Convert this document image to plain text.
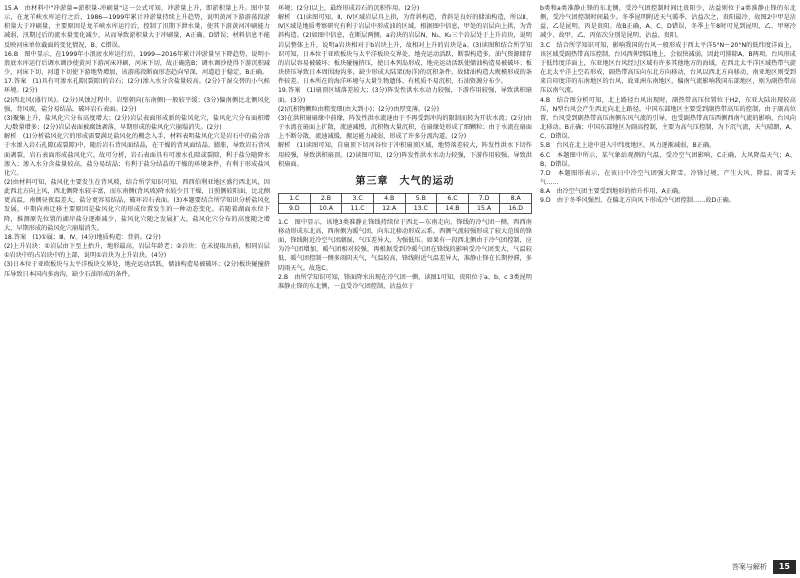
15.A　由材料中"冲淤量=淤积量-冲刷量"这一公式可知，冲淤量上升，即淤积量上升。图中显示，在龙羊峡水库运行之后，1986—1999年累计冲淤量持续上升趋势，说明黄河下游游荡段淤积量大于冲刷量，主要原因是龙羊峡水库运行后，控制了汛期下泄水量，使其下游黄河冲刷能力减弱，汛期过后的流水量变化减少，从而导致淤积量大于冲刷量，A正确、D错误；材料信息不能反映河床单位截面的变化情况，B、C错误。

16.B　图中显示，在1999年小浪底水库运行后，1999—2016年累计冲淤量呈下降趋势，说明小浪底水库运行后调水调沙使黄河下游河床冲刷，河床下切，故正确选B；调水调沙使得下游沉积减少，河床下切，河道下切使下游地势增加，该游荡段断面形态趋向窄深，河道趋于稳定，B正确。

17.答案　(1)具有可渗水孔隙(裂隙)的岩石；(2分)渗入水分含盐量较高。(2分)干湿交替的小气候环境。(2分)

(2)西北风(盛行风)。(2分)风蚀过程中，岩壁朝向(东南侧)一般较平缓；(3分)偏南侧比北侧风化强，背风坡，盐分易结晶，破坏岩石表面。(2分)

(3)聚集上升，盐风化穴分布高度增大；(2分)岩层表面形成新的盐风化穴，盐风化穴分布面积增大/数量增多；(2分)岩层表面被腐蚀剥落，早期形成的盐风化穴崩塌消失。(2分)

解析　(1)分析盐风化穴的形成需要满足盐风化的概念入手，材料表明盐风化穴是岩石中的盐分溶于水渗入岩石孔隙(或裂隙)中，随后岩石背风面结晶，在干燥的背风面结晶、膨胀，导致岩石背风面剥裂，岩石表面形成盐风化穴。故可分析，岩石表面具有可渗水孔隙或裂隙，利于盐分随降水渗入；渗入水分含盐量较高，盐分易结晶；有利于盐分结晶的干燥的环境条件，有利于形成盐风化穴。

(2)由材料可知，盐风化主要发生在背风坡，结合所学知识可知，西西伯利亚地区盛行西北风，因此西北方向上风，西北侧降水较丰富，而东南侧(背风坡)降水较少且干燥，日照侧较阳面，比北侧更高温，南侧昼夜温差大，盐分更容易结晶，破坏岩石表面。(3)本题要结合所学知识分析盐风化发展，中期向南迁移主要原因是盐风化穴的形成位置发生的一种动态变化。若随着湖面水位下降，推测原先位置的湖岸盐分逐渐减少，盐风化穴随之发展扩大，盐风化穴分布的高度随之增大，早期形成的盐风化穴崩塌消失。

18.答案　(1)①属；Ⅲ、Ⅳ。(4分)地质构造：背斜。(2分)

(2)上升岩块：①岩层由下至上抬升，地形最高，岩层年龄老；②岩块：在未提取出前，相同岩层①岩块中的占岩块中的上部，说明①岩块为上升岩块。(4分)

(3)日本位于亚欧板块与太平洋板块交界处，地壳运动活跃，储油构造易被破坏；(2分)板块碰撞挤压导致日本国内多海沟，缺少石油形成的条件。

环境；(2分)以上，最终形成岩石的沉积作用。(2分)

解析　(1)读图可知，Ⅱ、Ⅳ区域岩层具上拱，为背斜构造，背斜是良好的储油构造，所以Ⅱ、Ⅳ区域是地质考察研究有利于岩层中形成油的区域。根据图中信息，甲处的岩层向上拱，为背斜构造。(2)如图中信息，在断层两侧，a岩块的岩层N、N₂、K₂三个岩层处于上升岩块，说明岩层整体上升，说明a岩块相对于b岩块上升，故相对上升的岩块是a。(3)读图和结合所学知识可知，日本位于亚欧板块与太平洋板块交界处，地壳运动活跃，断裂构造多，油气资源储存的岩层容易被破坏；板块碰撞挤压，使日本列岛形成，地壳运动活跃使储油构造易被破坏；板块挤压导致日本周围海沟多，缺少形成大陆架(海洋)的沉积条件，故储油构造大规模形成的条件较差。日本所在的海洋环境与大量生物遗体、有机质不易沉积，石油资源分布少。

19.答案　(1)扇顶区域落差较大；(3分)阵发性洪水水动力较强，下游作用较强，导致洪积扇面。(3分)

(2)沉积物颗粒由粗变细(由大到小)；(2分)由厚变薄。(2分)

(3)在洪积扇扇缘中前缘，阵发性洪水流速由于不再受到冲沟的限制而转为开状水流；(2分)由于水流在扇面上扩散，流速减慢，沉积物大量沉积，在扇缘处形成了细颗粒；由于水流在扇面上不断分散，流速减缓，搬运能力减弱，形成了许多分流沟道。(2分)

解析　(1)读图可知，自扇顶下切河谷位于冲积扇顶区域，地势落差较大，阵发性洪水下切作用较强，导致洪积扇顶。(2)读图可知，(2分)阵发性洪水水动力较强，下游作用较强，导致洪积扇面。

第三章　大气的运动
1.C	2.B	3.C	4.B	5.B	6.C	7.D	8.A
9.D	10.A	11.C	12.A	13.C	14.B	15.A	16.D

1.C　图中显示，该地3类准静止锋线持续位于西北—东南走向，锋线的冷气团一侧，西西南移动形成东北高，西南侧为暖气团，向东北移动形成云系，西侧气流较强形成了较大范围的锋面，锋线附近冷空气团潮湿，气压差异大，为强低压。如果有一段西北侧由于冷气团控制，应为冷气团增加，暖气团相对较强，再根据受到冷暖气团在锋线的影响受冷气团变大，气温较低，暖气团控制一侧多雨阴天气，气温较高，锋线附近气温差异大，准静止锋在长期停滞，多阴雨天气。故选C。

2.B　由所学知识可知，锋面降水出现在冷气团一侧，读图1可知，贵阳位于a、b、c 3类昆明准静止锋的东北侧，一直受冷气团控制，沾益位于

b类和a类准静止锋的东北侧，受冷气团控制时间比贵阳少，沾益则位于a类准静止锋的东北侧，受冷气团控制时间最少。冬季昆明附近天气暖季，沾益次之，贵阳最冷，故图2中甲是沾益，乙是昆明，丙是贵阳。故B正确，A、C、D错误，冬季上午8时可见到昆明、乙、甲寒冷减少、故甲、乙、丙依次分别是昆明、沾益、贵阳。

3.C　结合所学知识可知，影响我国的台风一般形成于西太平洋5°N～20°N的低纬度洋面上，该区域受副热带高压控制，台风西伸到陆地上，会很快减弱，因此可排除A、B两项。台风形成于低纬度洋面上，东亚地区台风经过区域有许多其他地方的海域，在西北太平洋区域热带气旋在北太平洋上空若形成，副热带高压向东北方向移动，台风以西北方向移动，南亚地区则受到来自印度洋的东南地区的台风，故亚洲东南地区，偏南气流影响我国东部地区，则为副热带高压以南气流。

4.B　结合图分析可知，北上路径台风出现时，副热带高压位置位于H2，东亚大陆出现较高压，N型台风会产生西北向北上路径，中国东部地区主要受到副热带高压的控制，由于副高位置，台风受到副热带高压南侧东风气流的引导，也受副热带高压西侧西南气流的影响，台风向北移动。B正确；中国东部地区为副高控制，主要为高气压控制，为下沉气流，天气晴朗，A、C、D错误。

5.B　台风在北上途中进入中纬度地区，风力逐渐减弱，B正确。

6.C　本题图中所示，某气象站观测的气温，受冷空气团影响，C正确，大风降温天气；A、B、D错误。

7.D　本题图形表示，在该日中冷空气团强大降雪。冷锋过境，产生大风、降温、雨雪天气……

8.A　由冷空气团主要受到地形的抬升作用，A正确。

9.D　由于冬季风强烈，在偏北方向风下形成冷气团控制……故D正确。

答案与解析	15
